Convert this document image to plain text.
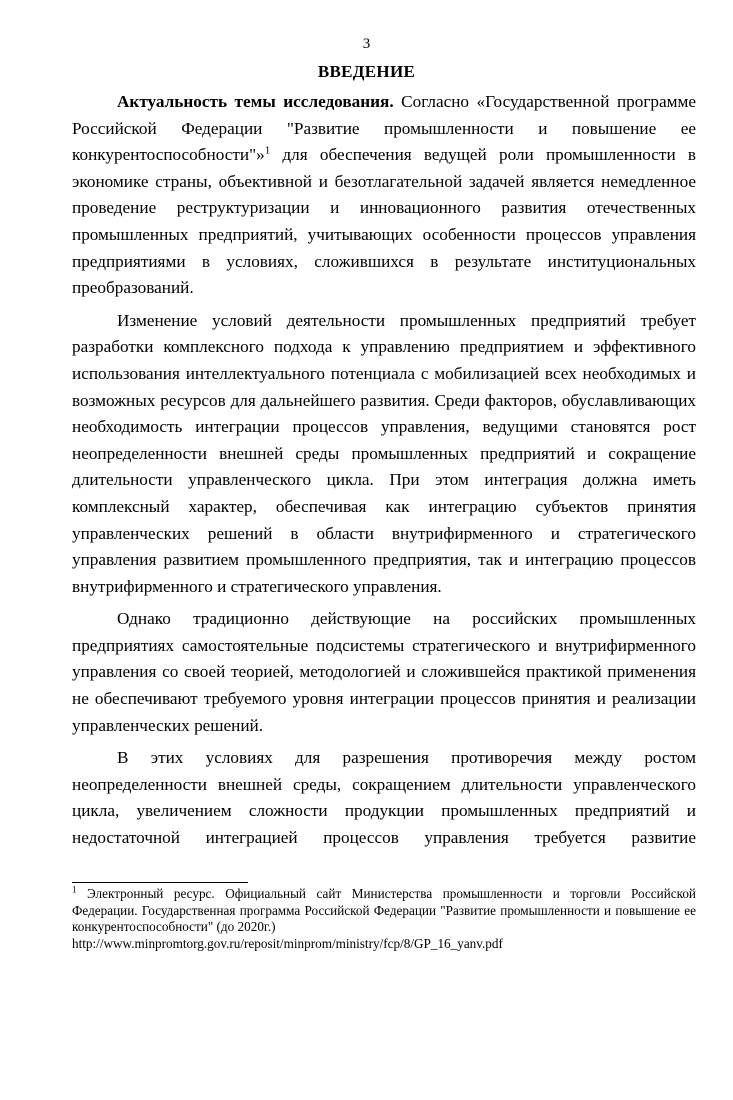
3
ВВЕДЕНИЕ

Актуальность темы исследования. Согласно «Государственной программе Российской Федерации "Развитие промышленности и повышение ее конкурентоспособности"»$^1$ для обеспечения ведущей роли промышленности в экономике страны, объективной и безотлагательной задачей является немедленное проведение реструктуризации и инновационного развития отечественных промышленных предприятий, учитывающих особенности процессов управления предприятиями в условиях, сложившихся в результате институциональных преобразований.

Изменение условий деятельности промышленных предприятий требует разработки комплексного подхода к управлению предприятием и эффективного использования интеллектуального потенциала с мобилизацией всех необходимых и возможных ресурсов для дальнейшего развития. Среди факторов, обуславливающих необходимость интеграции процессов управления, ведущими становятся рост неопределенности внешней среды промышленных предприятий и сокращение длительности управленческого цикла. При этом интеграция должна иметь комплексный характер, обеспечивая как интеграцию субъектов принятия управленческих решений в области внутрифирменного и стратегического управления развитием промышленного предприятия, так и интеграцию процессов внутрифирменного и стратегического управления.

Однако традиционно действующие на российских промышленных предприятиях самостоятельные подсистемы стратегического и внутрифирменного управления со своей теорией, методологией и сложившейся практикой применения не обеспечивают требуемого уровня интеграции процессов принятия и реализации управленческих решений.

В этих условиях для разрешения противоречия между ростом неопределенности внешней среды, сокращением длительности управленческого цикла, увеличением сложности продукции промышленных предприятий и недостаточной интеграцией процессов управления требуется развитие

$^1$ Электронный ресурс. Официальный сайт Министерства промышленности и торговли Российской Федерации. Государственная программа Российской Федерации "Развитие промышленности и повышение ее конкурентоспособности" (до 2020г.)

http://www.minpromtorg.gov.ru/reposit/minprom/ministry/fcp/8/GP_16_yanv.pdf
